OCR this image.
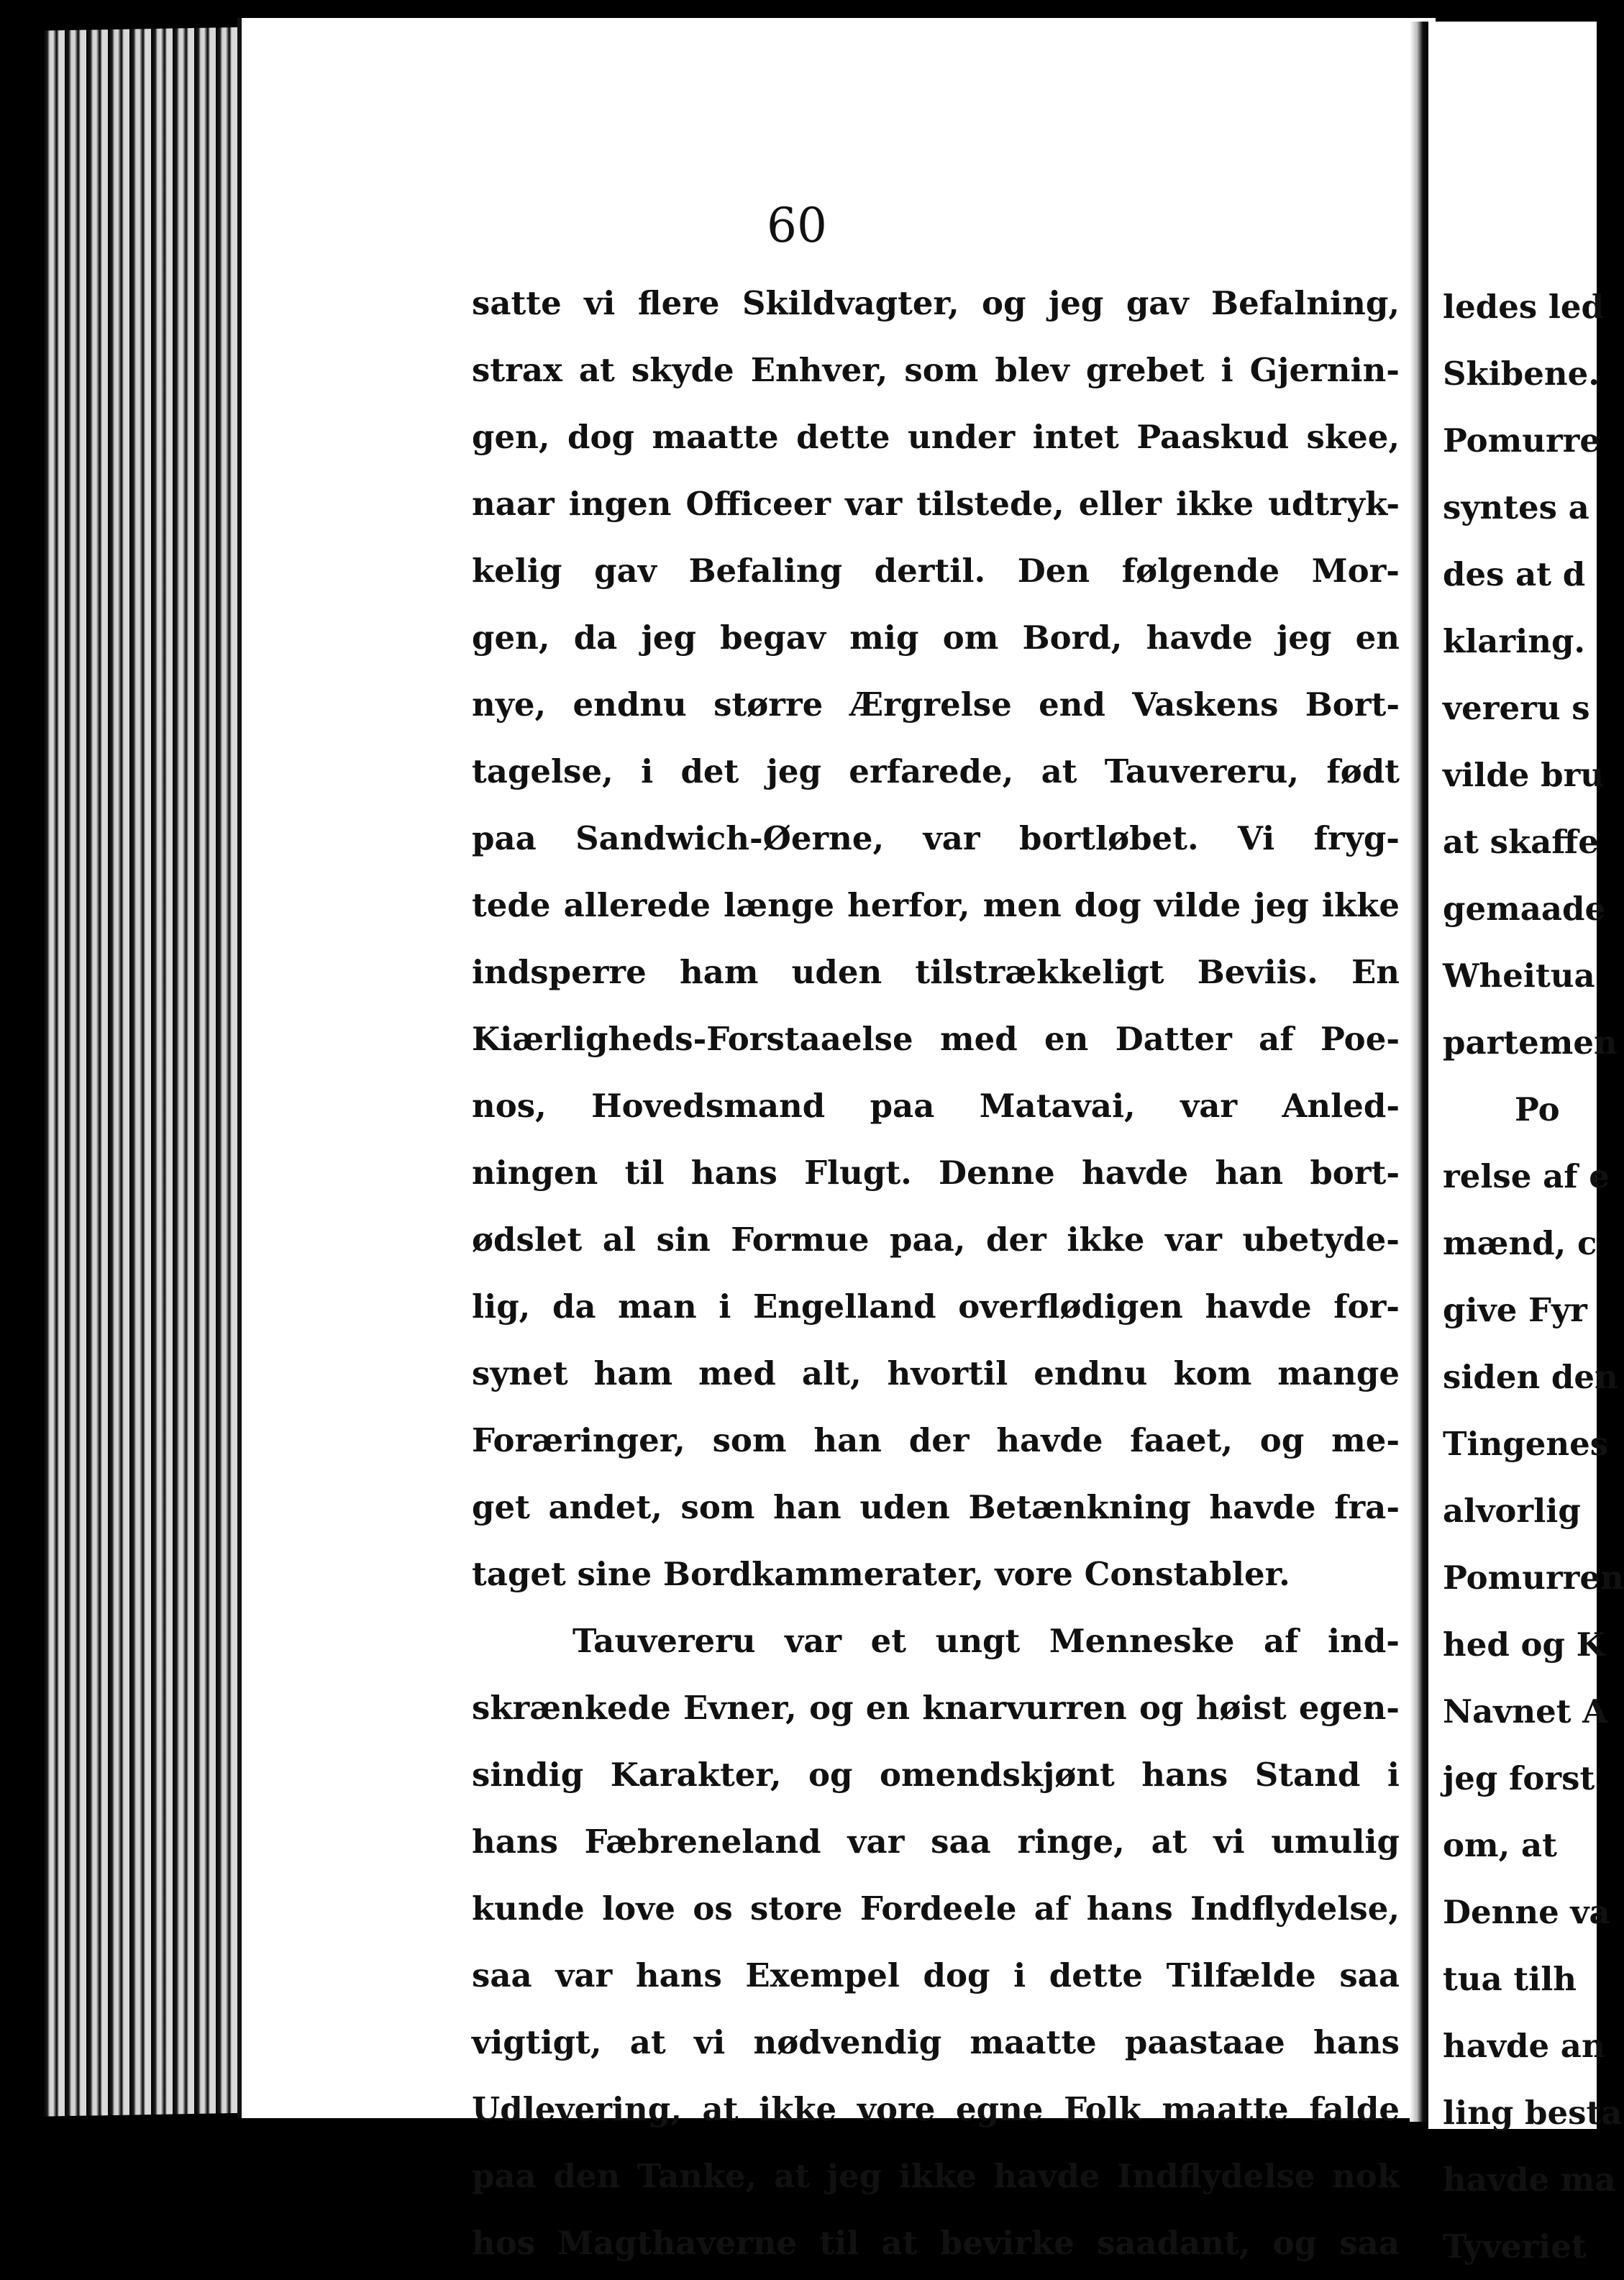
60
satte vi flere Skildvagter, og jeg gav Befalning,
strax at skyde Enhver, som blev grebet i Gjernin-
gen, dog maatte dette under intet Paaskud skee,
naar ingen Officeer var tilstede, eller ikke udtryk-
kelig gav Befaling dertil. Den følgende Mor-
gen, da jeg begav mig om Bord, havde jeg en
nye, endnu større Ærgrelse end Vaskens Bort-
tagelse, i det jeg erfarede, at Tauvereru, født
paa Sandwich-Øerne, var bortløbet. Vi fryg-
tede allerede længe herfor, men dog vilde jeg ikke
indsperre ham uden tilstrækkeligt Beviis. En
Kiærligheds-Forstaaelse med en Datter af Poe-
nos, Hovedsmand paa Matavai, var Anled-
ningen til hans Flugt. Denne havde han bort-
ødslet al sin Formue paa, der ikke var ubetyde-
lig, da man i Engelland overflødigen havde for-
synet ham med alt, hvortil endnu kom mange
Foræringer, som han der havde faaet, og me-
get andet, som han uden Betænkning havde fra-
taget sine Bordkammerater, vore Constabler.
Tauvereru var et ungt Menneske af ind-
skrænkede Evner, og en knarvurren og høist egen-
sindig Karakter, og omendskjønt hans Stand i
hans Fæbreneland var saa ringe, at vi umulig
kunde love os store Fordeele af hans Indflydelse,
saa var hans Exempel dog i dette Tilfælde saa
vigtigt, at vi nødvendig maatte paastaae hans
Udlevering, at ikke vore egne Folk maatte falde
paa den Tanke, at jeg ikke havde Indflydelse nok
hos Magthaverne til at bevirke saadant, og saa
ledes led
Skibene.
Pomurre
syntes a
des at d
klaring.
vereru s
vilde bru
at skaffe
gemaade
Wheitua
partemen
Po
relse af e
mænd, c
give Fyr
siden den
Tingenes
alvorlig
Pomurren
hed og K
Navnet A
jeg forst
om, at
Denne va
tua tilh
havde an
ling besta
havde ma
Tyveriet
